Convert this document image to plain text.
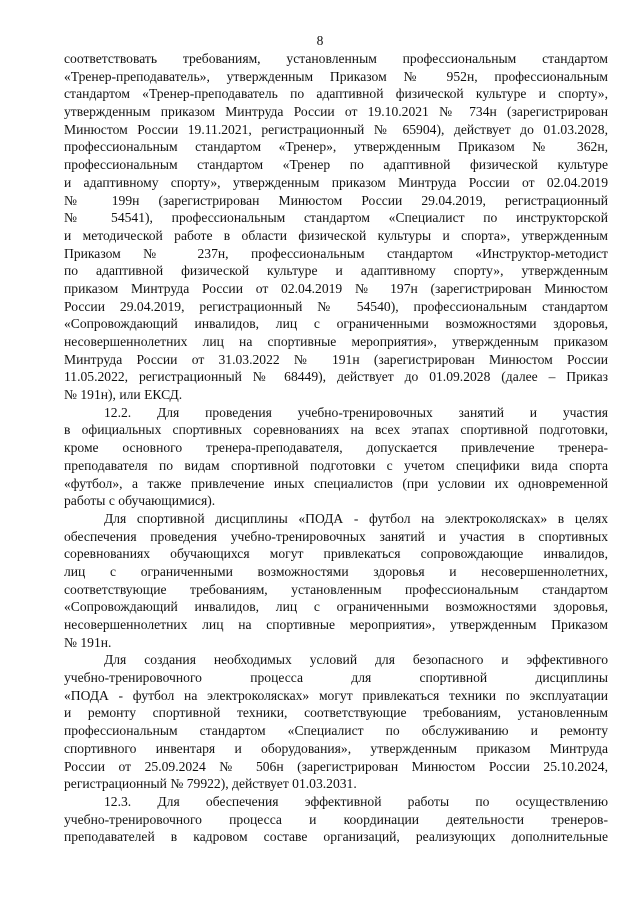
8
соответствовать требованиям, установленным профессиональным стандартом
«Тренер-преподаватель», утвержденным Приказом № 952н, профессиональным
стандартом «Тренер-преподаватель по адаптивной физической культуре и спорту»,
утвержденным приказом Минтруда России от 19.10.2021 № 734н (зарегистрирован
Минюстом России 19.11.2021, регистрационный № 65904), действует до 01.03.2028,
профессиональным стандартом «Тренер», утвержденным Приказом № 362н,
профессиональным стандартом «Тренер по адаптивной физической культуре
и адаптивному спорту», утвержденным приказом Минтруда России от 02.04.2019
№ 199н (зарегистрирован Минюстом России 29.04.2019, регистрационный
№ 54541), профессиональным стандартом «Специалист по инструкторской
и методической работе в области физической культуры и спорта», утвержденным
Приказом № 237н, профессиональным стандартом «Инструктор-методист
по адаптивной физической культуре и адаптивному спорту», утвержденным
приказом Минтруда России от 02.04.2019 № 197н (зарегистрирован Минюстом
России 29.04.2019, регистрационный № 54540), профессиональным стандартом
«Сопровождающий инвалидов, лиц с ограниченными возможностями здоровья,
несовершеннолетних лиц на спортивные мероприятия», утвержденным приказом
Минтруда России от 31.03.2022 № 191н (зарегистрирован Минюстом России
11.05.2022, регистрационный № 68449), действует до 01.09.2028 (далее – Приказ
№ 191н), или ЕКСД.
12.2. Для проведения учебно-тренировочных занятий и участия
в официальных спортивных соревнованиях на всех этапах спортивной подготовки,
кроме основного тренера-преподавателя, допускается привлечение тренера-
преподавателя по видам спортивной подготовки с учетом специфики вида спорта
«футбол», а также привлечение иных специалистов (при условии их одновременной
работы с обучающимися).
Для спортивной дисциплины «ПОДА - футбол на электроколясках» в целях
обеспечения проведения учебно-тренировочных занятий и участия в спортивных
соревнованиях обучающихся могут привлекаться сопровождающие инвалидов,
лиц с ограниченными возможностями здоровья и несовершеннолетних,
соответствующие требованиям, установленным профессиональным стандартом
«Сопровождающий инвалидов, лиц с ограниченными возможностями здоровья,
несовершеннолетних лиц на спортивные мероприятия», утвержденным Приказом
№ 191н.
Для создания необходимых условий для безопасного и эффективного
учебно-тренировочного процесса для спортивной дисциплины
«ПОДА - футбол на электроколясках» могут привлекаться техники по эксплуатации
и ремонту спортивной техники, соответствующие требованиям, установленным
профессиональным стандартом «Специалист по обслуживанию и ремонту
спортивного инвентаря и оборудования», утвержденным приказом Минтруда
России от 25.09.2024 № 506н (зарегистрирован Минюстом России 25.10.2024,
регистрационный № 79922), действует 01.03.2031.
12.3. Для обеспечения эффективной работы по осуществлению
учебно-тренировочного процесса и координации деятельности тренеров-
преподавателей в кадровом составе организаций, реализующих дополнительные
